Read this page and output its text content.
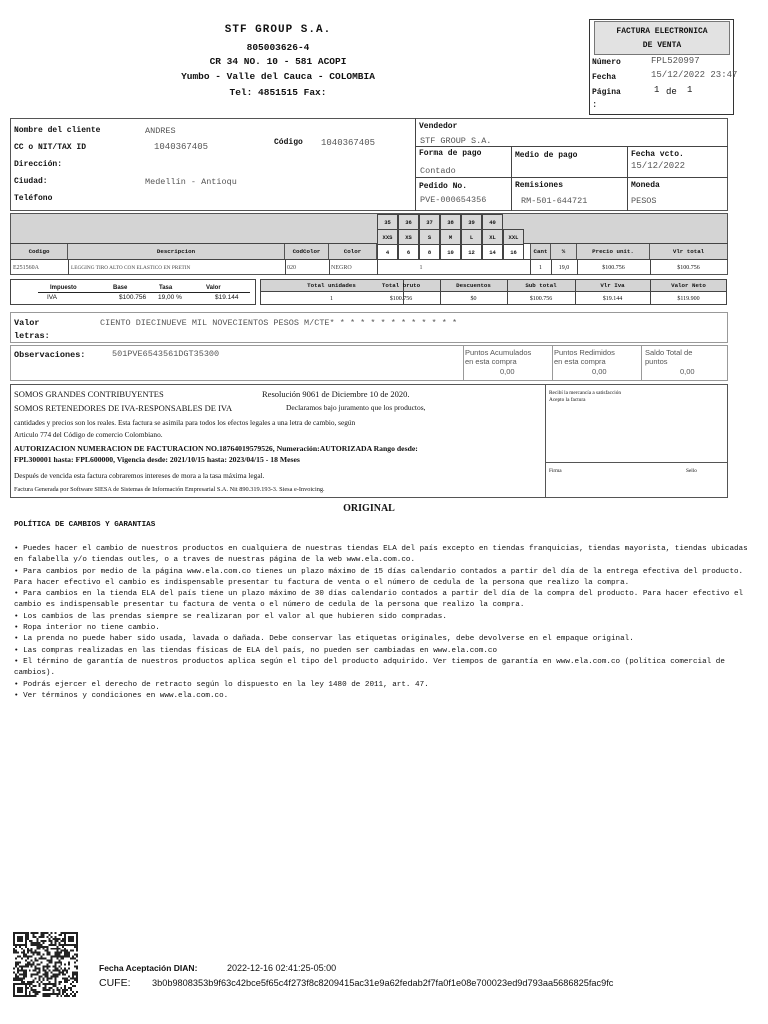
STF GROUP S.A.
805003626-4
CR 34 NO. 10 - 581 ACOPI
Yumbo - Valle del Cauca - COLOMBIA
Tel: 4851515 Fax:
FACTURA ELECTRONICA
DE VENTA
Número	FPL520997
Fecha	15/12/2022 23:47
Página	1 de 1
:
Nombre del cliente	ANDRES
CC o NIT/TAX ID	1040367405	Código 1040367405
Dirección:
Ciudad:	Medellín - Antioqu
Teléfono
Vendedor
STF GROUP S.A.
Forma de pago
Contado
Medio de pago	Fecha vcto.
15/12/2022
Pedido No.
PVE-000654356
Remisiones
RM-501-644721
Moneda
PESOS
35	36	37	38	39	40
XXS	XS	S	M	L	XL	XXL
4	6	8	10	12	14	16
Codigo	Descripcion	CodColor	Color	Cant	%	Precio unit.	Vlr total
E251560A	LEGGING TIRO ALTO CON ELASTICO EN PRETIN	020	NEGRO	1	1	19,0	$100.756	$100.756
Impuesto	Base	Tasa	Valor
IVA	$100.756 19,00 %	$19.144
Total unidades	Total bruto	Descuentos	Sub total	Vlr Iva	Valor Neto
1	$100.756	$0	$100.756	$19.144	$119.900
Valor
letras:
CIENTO DIECINUEVE MIL NOVECIENTOS PESOS M/CTE* * * * * * * * * * * * *
Observaciones:	501PVE6543561DGT35300	Puntos Acumulados
en esta compra
0,00
Puntos Redimidos
en esta compra
0,00
Saldo Total de
puntos
0,00
SOMOS GRANDES CONTRIBUYENTES	Resolución 9061 de Diciembre 10 de 2020.
SOMOS RETENEDORES DE IVA-RESPONSABLES DE IVA	Declaramos bajo juramento que los productos,
cantidades y precios son los reales. Esta factura se asimila para todos los efectos legales a una letra de cambio, según
Articulo 774 del Código de comercio Colombiano.
AUTORIZACION NUMERACION DE FACTURACION NO.18764019579526, Numeración:AUTORIZADA Rango desde:
FPL300001 hasta: FPL600000, Vigencia desde: 2021/10/15 hasta: 2023/04/15 - 18 Meses
Después de vencida esta factura cobraremos intereses de mora a la tasa máxima legal.
Factura Generada por Software SIESA de Sistemas de Información Empresarial S.A. Nit 890.319.193-3. Siesa e-Invoicing.
Recibí la mercancía a satisfacción
Acepto la factura
Firma	Sello
ORIGINAL
POLÍTICA DE CAMBIOS Y GARANTIAS

• Puedes hacer el cambio de nuestros productos en cualquiera de nuestras tiendas ELA del país excepto en tiendas franquicias, tiendas mayorista, tiendas ubicadas en falabella y/o tiendas outles, o a traves de nuestras página de la web www.ela.com.co.

• Para cambios por medio de la página www.ela.com.co tienes un plazo máximo de 15 días calendario contados a partir del día de la entrega efectiva del producto. Para hacer efectivo el cambio es indispensable presentar tu factura de venta o el número de cedula de la persona que realizo la compra.

• Para cambios en la tienda ELA del país tiene un plazo máximo de 30 días calendario contados a partir del día de la compra del producto. Para hacer efectivo el cambio es indispensable presentar tu factura de venta o el número de cedula de la persona que realizo la compra.

• Los cambios de las prendas siempre se realizaran por el valor al que hubieren sido compradas.

• Ropa interior no tiene cambio.

• La prenda no puede haber sido usada, lavada o dañada. Debe conservar las etiquetas originales, debe devolverse en el empaque original.

• Las compras realizadas en las tiendas físicas de ELA del país, no pueden ser cambiadas en www.ela.com.co

• El término de garantía de nuestros productos aplica según el tipo del producto adquirido. Ver tiempos de garantía en www.ela.com.co (política comercial de cambios).

• Podrás ejercer el derecho de retracto según lo dispuesto en la ley 1480 de 2011, art. 47.

• Ver términos y condiciones en www.ela.com.co.

Fecha Aceptación DIAN:	2022-12-16 02:41:25-05:00
CUFE: 3b0b9808353b9f63c42bce5f65c4f273f8c8209415ac31e9a62fedab2f7fa0f1e08e700023ed9d793aa5686825fac9fc
